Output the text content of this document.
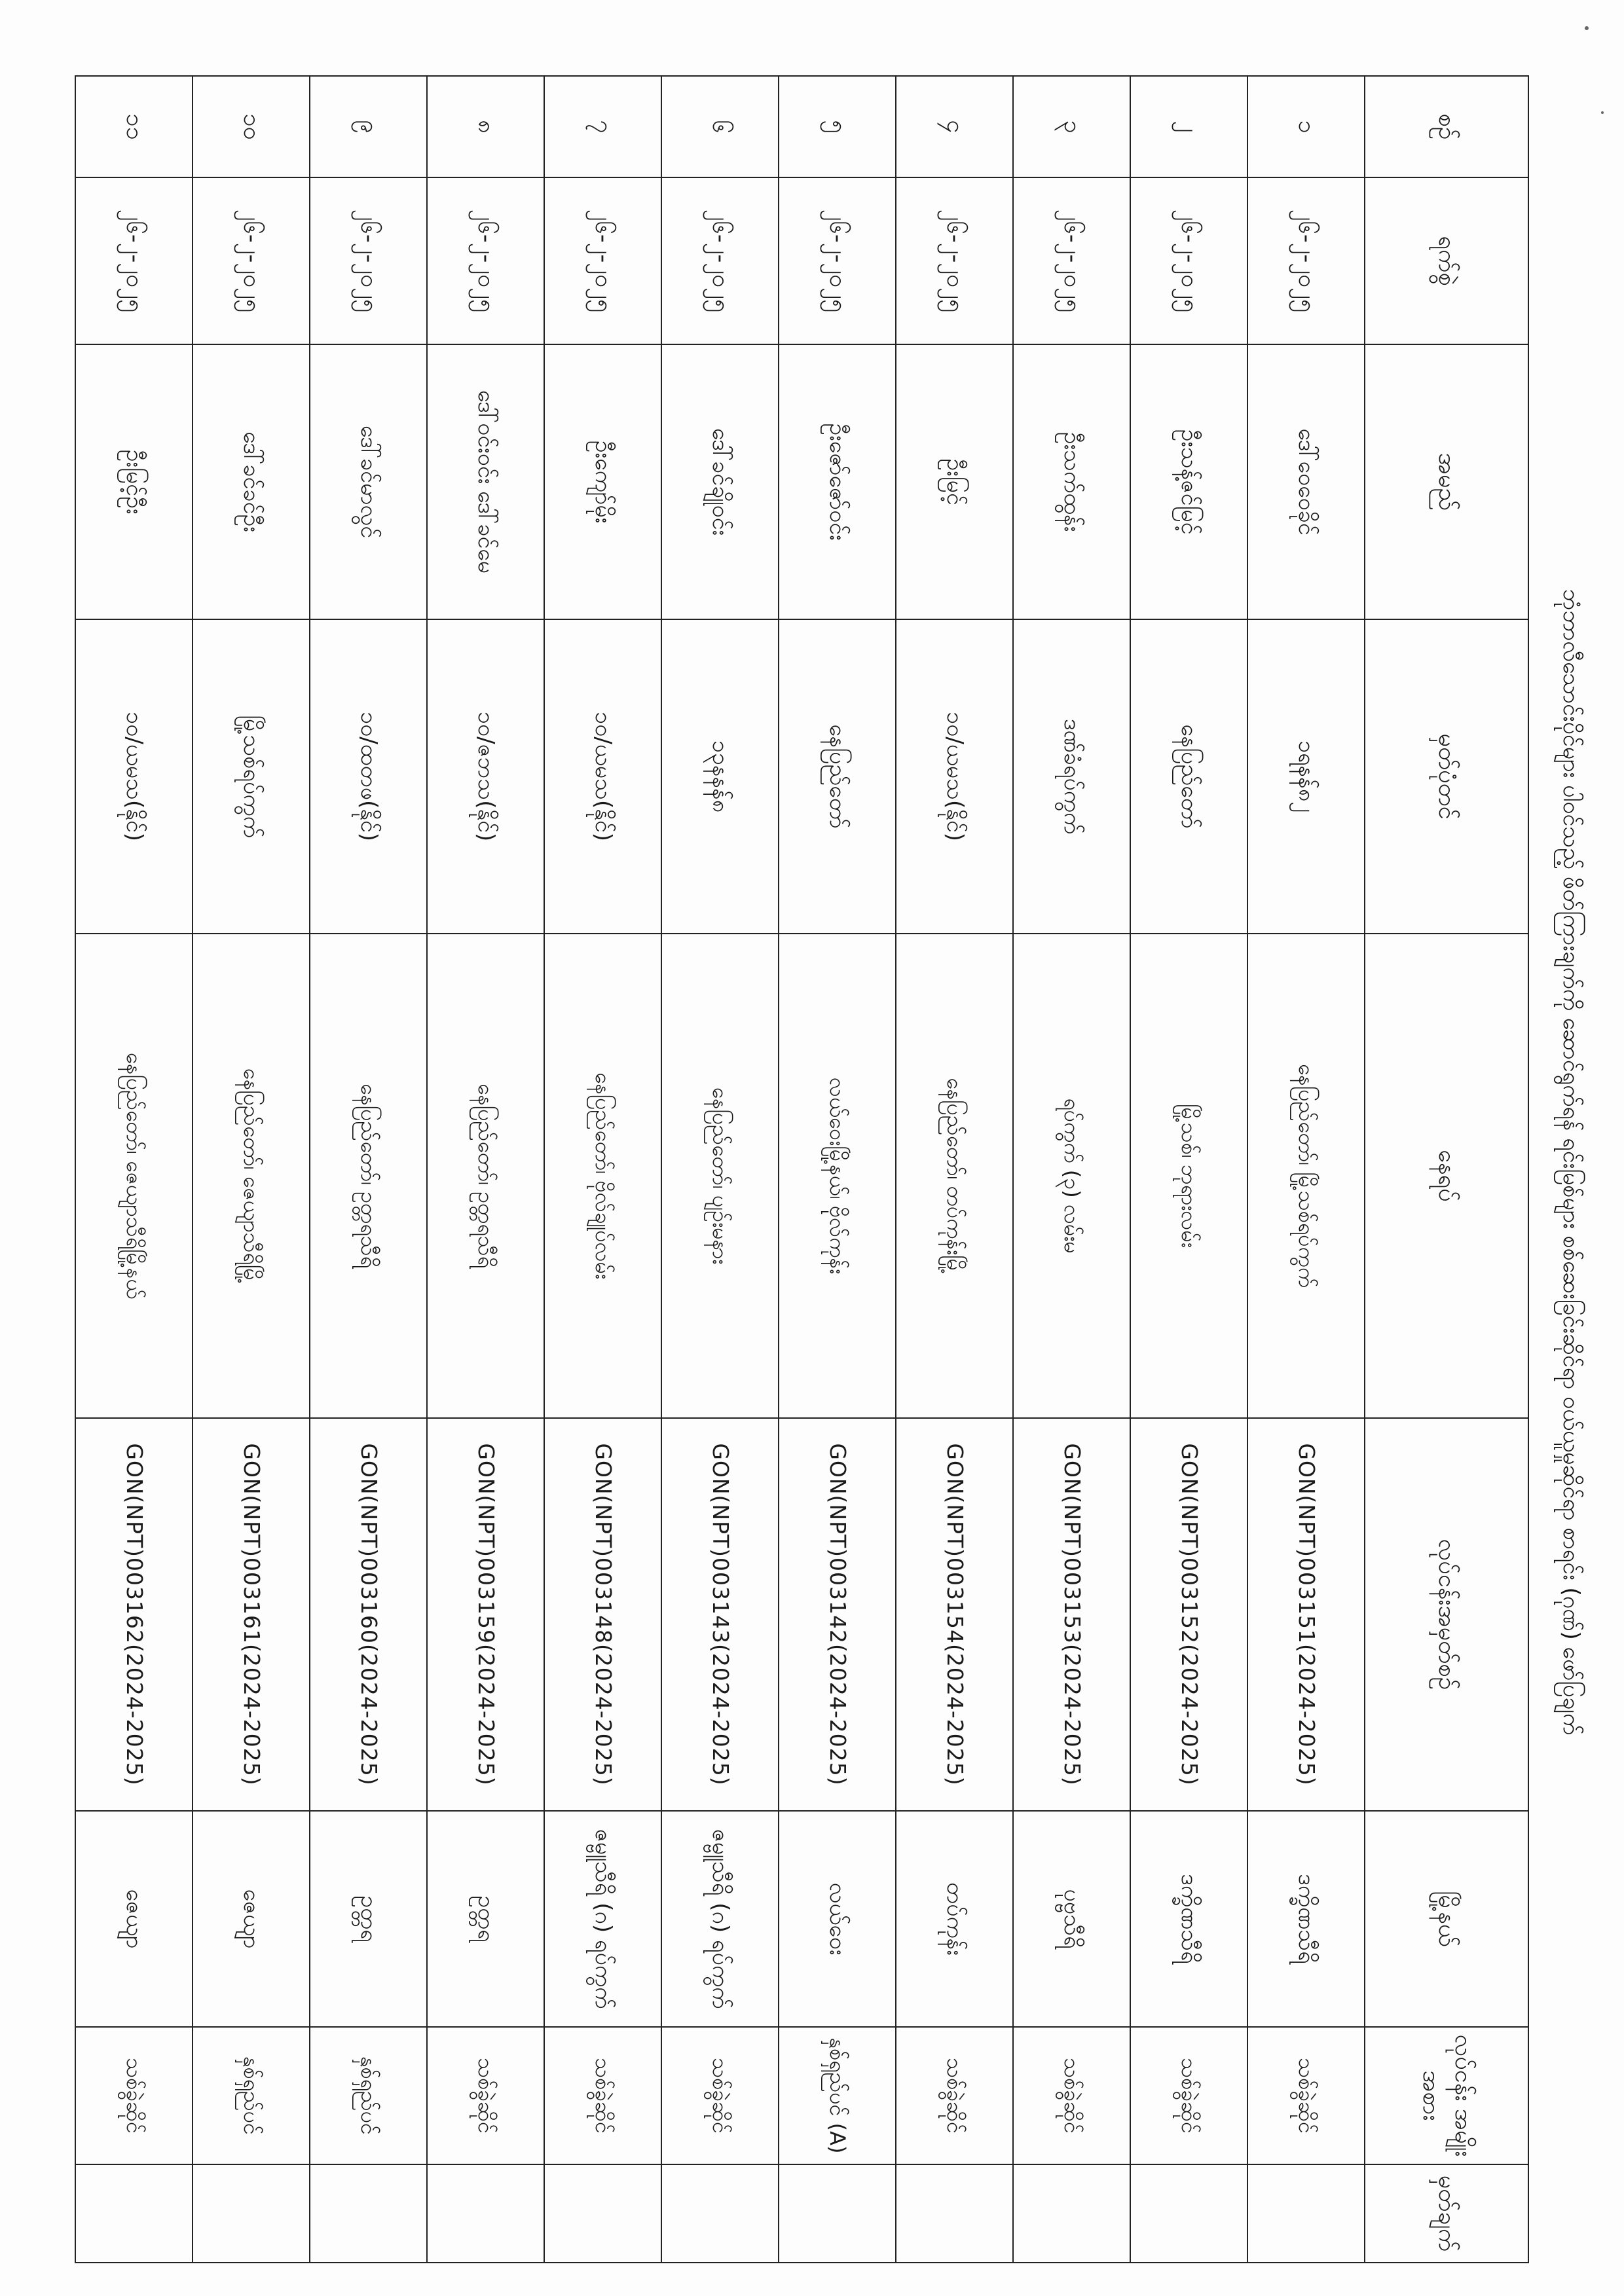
ဘုံဘာလီသောင်းပိုင်များ ပါဝင်သည့် ဖိတ်ကြားချက်ကို ဆောင်ရွက်ရန် ရင်းမြစ်များ စစ်ဆေးခြင်းဆိုင်ရာ ဝယ်ယူမှုဆိုင်ရာ စာရင်း (ဂုဏ်) ဖော်ပြချက်
စဉ်	ရက်စွဲ	အမည်	မှတ်ပုံတင်	နေရပ်	လုပ်ငန်းအမှတ်စဉ်	မြို့နယ်	လုပ်ငန်း အမျိုးအစား	မှတ်ချက်
၁	၂၆-၂-၂၀၂၅	ဒေါ်ဝေဝေခိုင်	၁ရနန်၈၂	နေပြည်တော်၊ မြို့သစ်ရပ်ကွက်	GON(NPT)003151(2024-2025)	ဒက္ခိဏသီရိ	သစ်ခွဲဆိုင်	
၂	၂၆-၂-၂၀၂၅	ဦးသန့်ဇင်မြင့်	နေပြည်တော်	မြို့သစ်၊ ဘုရားလမ်း	GON(NPT)003152(2024-2025)	ဒက္ခိဏသီရိ	သစ်ခွဲဆိုင်	
၃	၂၆-၂-၂၀၂၅	ဦးသက်ထွန်း	ဒဏ်ခံရပ်ကွက်	ရပ်ကွက် (၃) လမ်းမ	GON(NPT)003153(2024-2025)	ပုဗ္ဗသီရိ	သစ်ခွဲဆိုင်	
၄	၂၆-၂-၂၀၂၅	ဦးမြင့်	၁၀/ယမသ(နိုင်)	နေပြည်တော်၊ တပ်ကုန်းမြို့	GON(NPT)003154(2024-2025)	တပ်ကုန်း	သစ်ခွဲဆိုင်	
၅	၂၆-၂-၂၀၂၅	ဦးဇော်ဇော်ဝင်း	နေပြည်တော်	လယ်ဝေးမြို့နယ်၊ ဗိုလ်ကုန်း	GON(NPT)003142(2024-2025)	လယ်ဝေး	နှစ်ရှည်ပင် (A)	
၆	၂၆-၂-၂၀၂၅	ဒေါ်ခင်ချိုဝင်း	၁၃နနန်၈	နေပြည်တော်၊ ပျဉ်းမနား	GON(NPT)003143(2024-2025)	ဇမ္ဗူသီရိ (ဂ) ရပ်ကွက်	သစ်ခွဲဆိုင်	
၇	၂၆-၂-၂၀၂၅	ဦးကျော်မိုး	၁၀/ယမသ(နိုင်)	နေပြည်တော်၊ ဗိုလ်ချုပ်လမ်း	GON(NPT)003148(2024-2025)	ဇမ္ဗူသီရိ (ဂ) ရပ်ကွက်	သစ်ခွဲဆိုင်	
၈	၂၆-၂-၂၀၂၅	ဒေါ်ဝင်းဝင်း ဒေါ်ခင်မေ	၁၀/ဇဘသ(နိုင်)	နေပြည်တော်၊ ဥတ္တရသီရိ	GON(NPT)003159(2024-2025)	ဥတ္တရ	သစ်ခွဲဆိုင်	
၉	၂၆-၂-၂၀၂၅	ဒေါ်ခင်မာလွင်	၁၀/ထတဖ(နိုင်)	နေပြည်တော်၊ ဥတ္တရသီရိ	GON(NPT)003160(2024-2025)	ဥတ္တရ	နှစ်ရှည်ပင်	
၁၀	၂၆-၂-၂၀၂၅	ဒေါ်ခင်ခင်ဦး	မြို့သစ်ရပ်ကွက်	နေပြည်တော်၊ ဇေယျာသီရိမြို့	GON(NPT)003161(2024-2025)	ဇေယျာ	နှစ်ရှည်ပင်	
၁၁	၂၆-၂-၂၀၂၅	ဦးမြင့်ဦး	၁၀/ယမသ(နိုင်)	နေပြည်တော်၊ ဇေယျာသီရိမြို့နယ်	GON(NPT)003162(2024-2025)	ဇေယျာ	သစ်ခွဲဆိုင်	
